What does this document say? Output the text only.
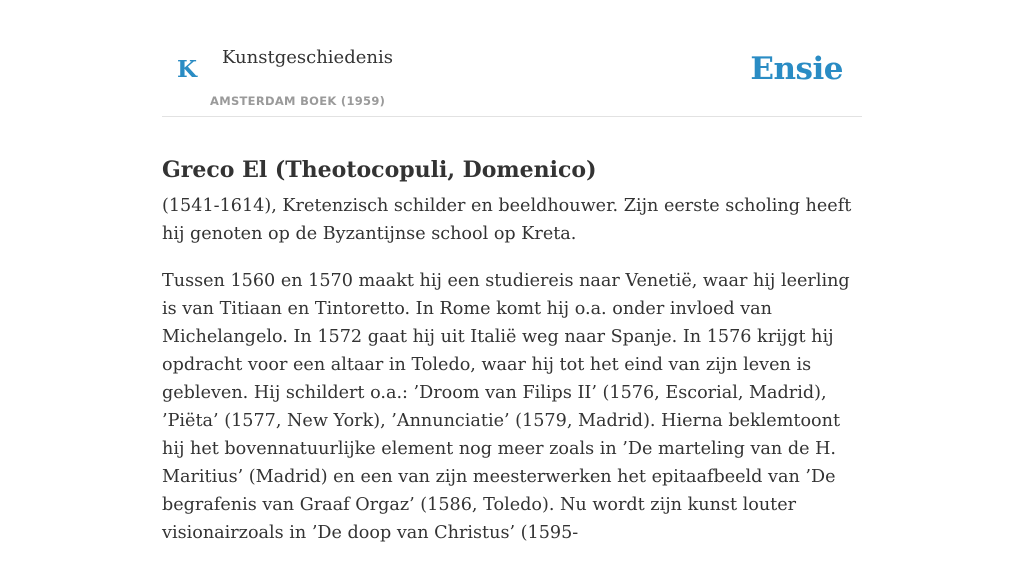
K Kunstgeschiedenis
AMSTERDAM BOEK (1959)
Ensie
Greco El (Theotocopuli, Domenico)

(1541-1614), Kretenzisch schilder en beeldhouwer. Zijn eerste scholing heeft hij genoten op de Byzantijnse school op Kreta.

Tussen 1560 en 1570 maakt hij een studiereis naar Venetië, waar hij leerling is van Titiaan en Tintoretto. In Rome komt hij o.a. onder invloed van Michelangelo. In 1572 gaat hij uit Italië weg naar Spanje. In 1576 krijgt hij opdracht voor een altaar in Toledo, waar hij tot het eind van zijn leven is gebleven. Hij schildert o.a.: ’Droom van Filips II’ (1576, Escorial, Madrid), ’Piëta’ (1577, New York), ’Annunciatie’ (1579, Madrid). Hierna beklemtoont hij het bovennatuurlijke element nog meer zoals in ’De marteling van de H. Maritius’ (Madrid) en een van zijn meesterwerken het epitaafbeeld van ’De begrafenis van Graaf Orgaz’ (1586, Toledo). Nu wordt zijn kunst louter visionairzoals in ’De doop van Christus’ (1595-
